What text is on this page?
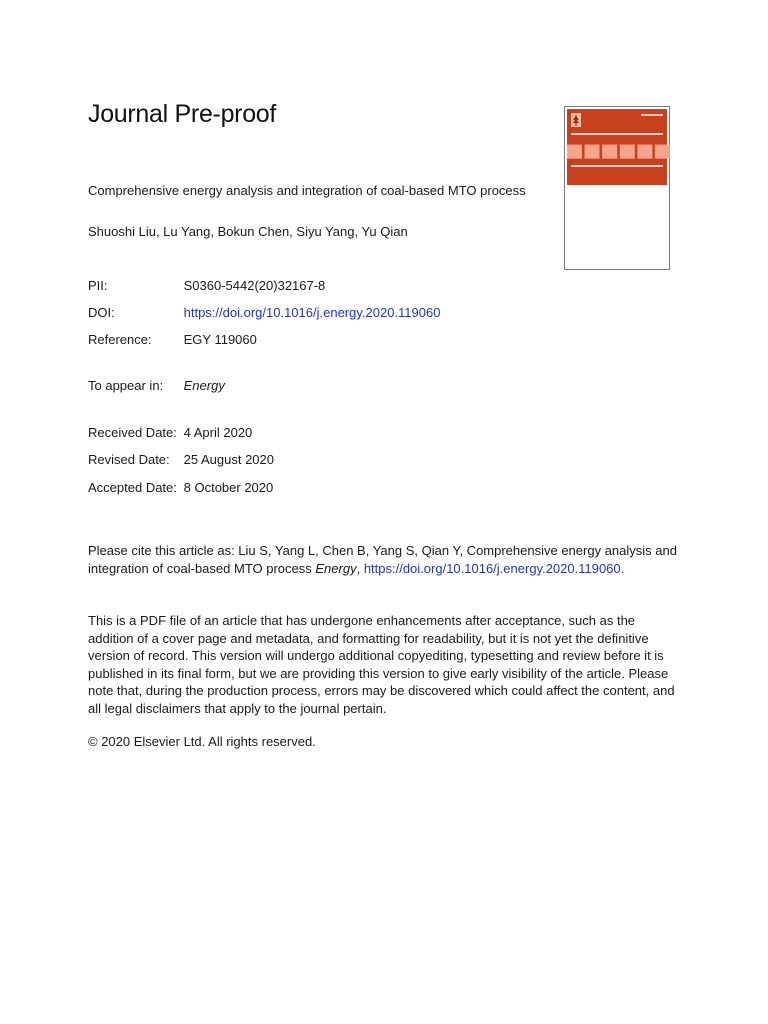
Journal Pre-proof
Comprehensive energy analysis and integration of coal-based MTO process
Shuoshi Liu, Lu Yang, Bokun Chen, Siyu Yang, Yu Qian
PII:	S0360-5442(20)32167-8
DOI:	https://doi.org/10.1016/j.energy.2020.119060
Reference: EGY 119060
To appear in: Energy
Received Date: 4 April 2020
Revised Date: 25 August 2020
Accepted Date: 8 October 2020
Please cite this article as: Liu S, Yang L, Chen B, Yang S, Qian Y, Comprehensive energy analysis and integration of coal-based MTO process Energy, https://doi.org/10.1016/j.energy.2020.119060.
This is a PDF file of an article that has undergone enhancements after acceptance, such as the addition of a cover page and metadata, and formatting for readability, but it is not yet the definitive version of record. This version will undergo additional copyediting, typesetting and review before it is published in its final form, but we are providing this version to give early visibility of the article. Please note that, during the production process, errors may be discovered which could affect the content, and all legal disclaimers that apply to the journal pertain.
© 2020 Elsevier Ltd. All rights reserved.
▅▅▅▅▅▅
